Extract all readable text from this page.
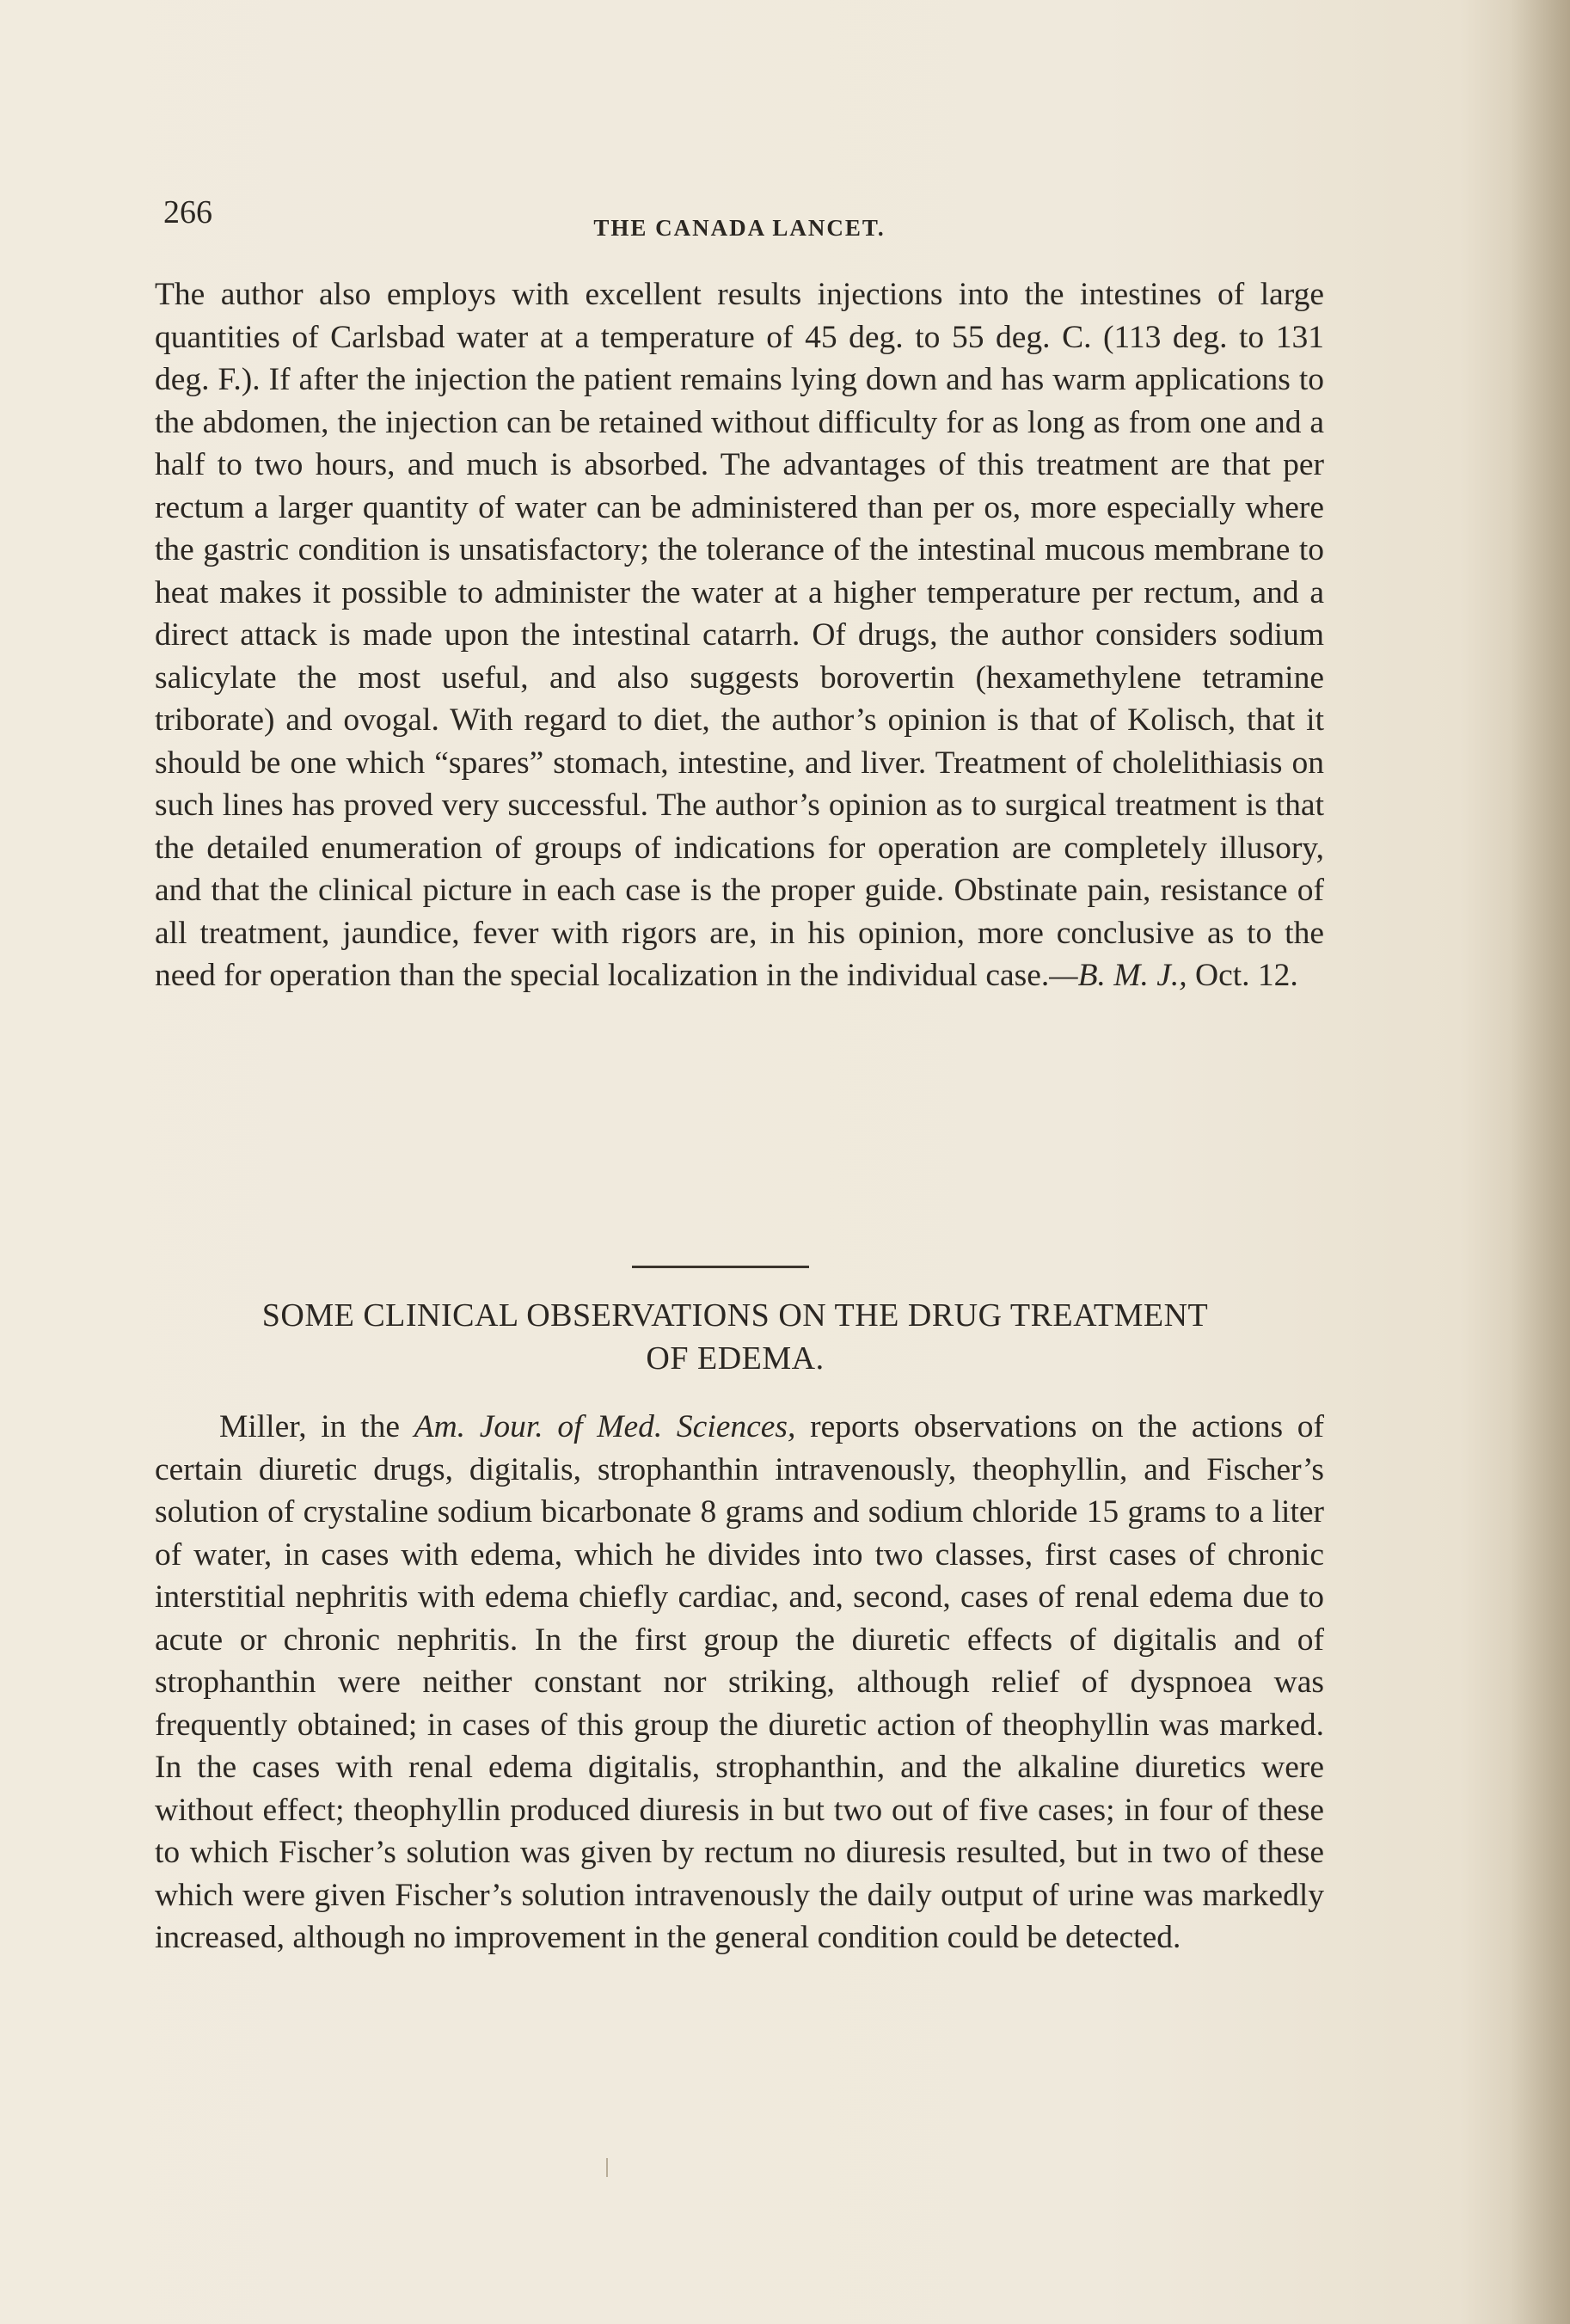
266	THE CANADA LANCET.

The author also employs with excellent results injections into the intestines of large quantities of Carlsbad water at a temperature of 45 deg. to 55 deg. C. (113 deg. to 131 deg. F.). If after the injection the patient remains lying down and has warm applications to the abdomen, the injection can be retained without difficulty for as long as from one and a half to two hours, and much is absorbed. The advantages of this treatment are that per rectum a larger quantity of water can be administered than per os, more especially where the gastric condition is unsatisfactory; the tolerance of the intestinal mucous membrane to heat makes it possible to administer the water at a higher temperature per rectum, and a direct attack is made upon the intestinal catarrh. Of drugs, the author considers sodium salicylate the most useful, and also suggests borovertin (hexamethylene tetramine triborate) and ovogal. With regard to diet, the author’s opinion is that of Kolisch, that it should be one which “spares” stomach, intestine, and liver. Treatment of cholelithiasis on such lines has proved very successful. The author’s opinion as to surgical treatment is that the detailed enumeration of groups of indications for operation are completely illusory, and that the clinical picture in each case is the proper guide. Obstinate pain, resistance of all treatment, jaundice, fever with rigors are, in his opinion, more conclusive as to the need for operation than the special localization in the individual case.—B. M. J., Oct. 12.

SOME CLINICAL OBSERVATIONS ON THE DRUG TREATMENT
OF EDEMA.

Miller, in the Am. Jour. of Med. Sciences, reports observations on the actions of certain diuretic drugs, digitalis, strophanthin intravenously, theophyllin, and Fischer’s solution of crystaline sodium bicarbonate 8 grams and sodium chloride 15 grams to a liter of water, in cases with edema, which he divides into two classes, first cases of chronic interstitial nephritis with edema chiefly cardiac, and, second, cases of renal edema due to acute or chronic nephritis. In the first group the diuretic effects of digitalis and of strophanthin were neither constant nor striking, although relief of dyspnoea was frequently obtained; in cases of this group the diuretic action of theophyllin was marked. In the cases with renal edema digitalis, strophanthin, and the alkaline diuretics were without effect; theophyllin produced diuresis in but two out of five cases; in four of these to which Fischer’s solution was given by rectum no diuresis resulted, but in two of these which were given Fischer’s solution intravenously the daily output of urine was markedly increased, although no improvement in the general condition could be detected.
